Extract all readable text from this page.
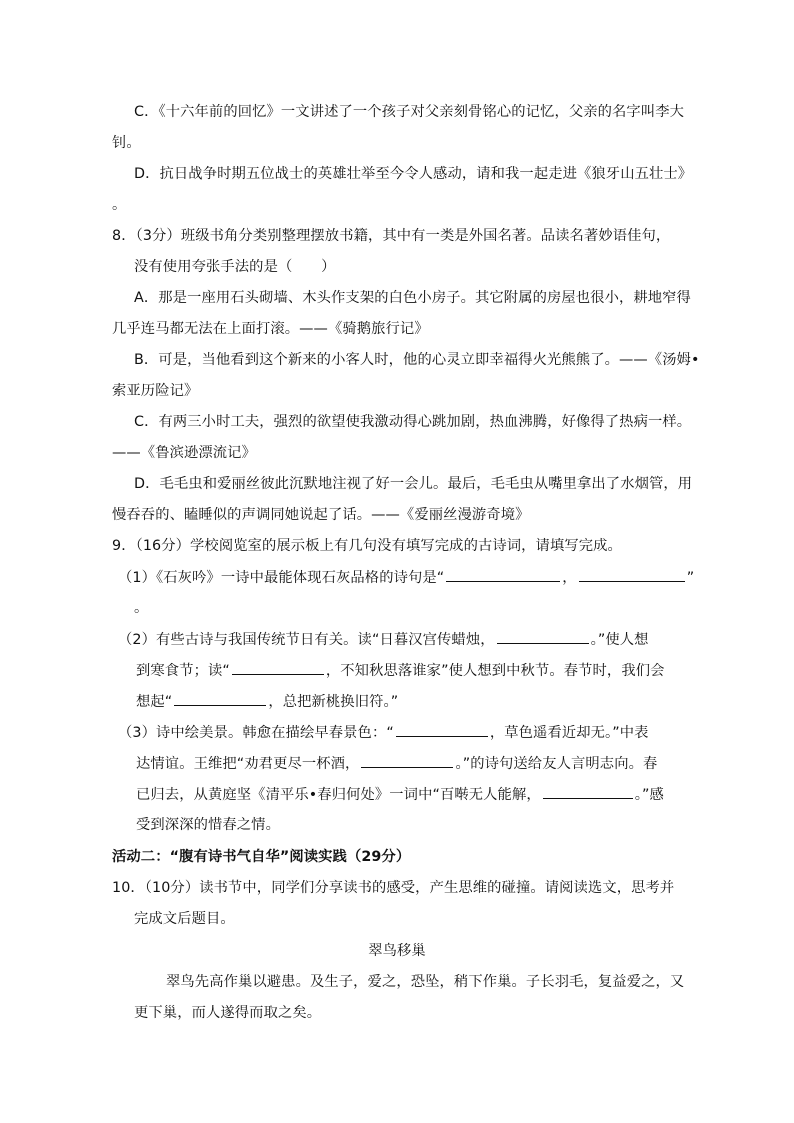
C．《十六年前的回忆》一文讲述了一个孩子对父亲刻骨铭心的记忆，父亲的名字叫李大
钊。
D．抗日战争时期五位战士的英雄壮举至今令人感动，请和我一起走进《狼牙山五壮士》
。
8．（3分）班级书角分类别整理摆放书籍，其中有一类是外国名著。品读名著妙语佳句，
没有使用夸张手法的是（　　）
A．那是一座用石头砌墙、木头作支架的白色小房子。其它附属的房屋也很小，耕地窄得
几乎连马都无法在上面打滚。——《骑鹅旅行记》
B．可是，当他看到这个新来的小客人时，他的心灵立即幸福得火光熊熊了。——《汤姆•
索亚历险记》
C．有两三小时工夫，强烈的欲望使我激动得心跳加剧，热血沸腾，好像得了热病一样。
——《鲁滨逊漂流记》
D．毛毛虫和爱丽丝彼此沉默地注视了好一会儿。最后，毛毛虫从嘴里拿出了水烟管，用
慢吞吞的、瞌睡似的声调同她说起了话。——《爱丽丝漫游奇境》
9．（16分）学校阅览室的展示板上有几句没有填写完成的古诗词，请填写完成。
（1）《石灰吟》一诗中最能体现石灰品格的诗句是“	，	”
。
（2）有些古诗与我国传统节日有关。读“日暮汉宫传蜡烛，	。”使人想
到寒食节；读“	，不知秋思落谁家”使人想到中秋节。春节时，我们会
想起“	，总把新桃换旧符。”
（3）诗中绘美景。韩愈在描绘早春景色：“	，草色遥看近却无。”中表
达情谊。王维把“劝君更尽一杯酒，	。”的诗句送给友人言明志向。春
已归去，从黄庭坚《清平乐•春归何处》一词中“百啭无人能解，	。”感
受到深深的惜春之情。
活动二：“腹有诗书气自华”阅读实践（29分）
10．（10分）读书节中，同学们分享读书的感受，产生思维的碰撞。请阅读选文，思考并
完成文后题目。
翠鸟移巢
翠鸟先高作巢以避患。及生子，爱之，恐坠，稍下作巢。子长羽毛，复益爱之，又
更下巢，而人遂得而取之矣。
